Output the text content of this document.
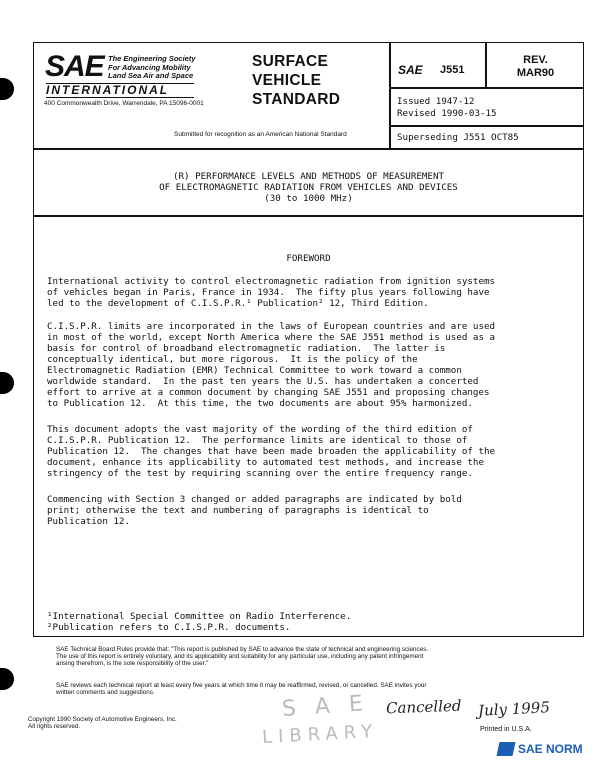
SAE The Engineering Society
For Advancing Mobility
Land Sea Air and Space
INTERNATIONAL
400 Commonwealth Drive, Warrendale, PA 15096-0001
SURFACE
VEHICLE
STANDARD
SAE J551
REV.
MAR90
Issued 1947-12
Revised 1990-03-15
Submitted for recognition as an American National Standard	Superseding J551 OCT85
(R) PERFORMANCE LEVELS AND METHODS OF MEASUREMENT
OF ELECTROMAGNETIC RADIATION FROM VEHICLES AND DEVICES
(30 to 1000 MHz)
FOREWORD
International activity to control electromagnetic radiation from ignition systems
of vehicles began in Paris, France in 1934.  The fifty plus years following have
led to the development of C.I.S.P.R.¹ Publication² 12, Third Edition.
C.I.S.P.R. limits are incorporated in the laws of European countries and are used
in most of the world, except North America where the SAE J551 method is used as a
basis for control of broadband electromagnetic radiation.  The latter is
conceptually identical, but more rigorous.  It is the policy of the
Electromagnetic Radiation (EMR) Technical Committee to work toward a common
worldwide standard.  In the past ten years the U.S. has undertaken a concerted
effort to arrive at a common document by changing SAE J551 and proposing changes
to Publication 12.  At this time, the two documents are about 95% harmonized.
This document adopts the vast majority of the wording of the third edition of
C.I.S.P.R. Publication 12.  The performance limits are identical to those of
Publication 12.  The changes that have been made broaden the applicability of the
document, enhance its applicability to automated test methods, and increase the
stringency of the test by requiring scanning over the entire frequency range.
Commencing with Section 3 changed or added paragraphs are indicated by bold
print; otherwise the text and numbering of paragraphs is identical to
Publication 12.
¹International Special Committee on Radio Interference.
²Publication refers to C.I.S.P.R. documents.
SAE Technical Board Rules provide that: "This report is published by SAE to advance the state of technical and engineering sciences.
The use of this report is entirely voluntary, and its applicability and suitability for any particular use, including any patent infringement
arising therefrom, is the sole responsibility of the user."
SAE reviews each technical report at least every five years at which time it may be reaffirmed, revised, or cancelled. SAE invites your
written comments and suggestions.
Copyright 1990 Society of Automotive Engineers, Inc.
All rights reserved.
S A E
LIBRARY
Cancelled July 1995
Printed in U.S.A.
SAE NORM
